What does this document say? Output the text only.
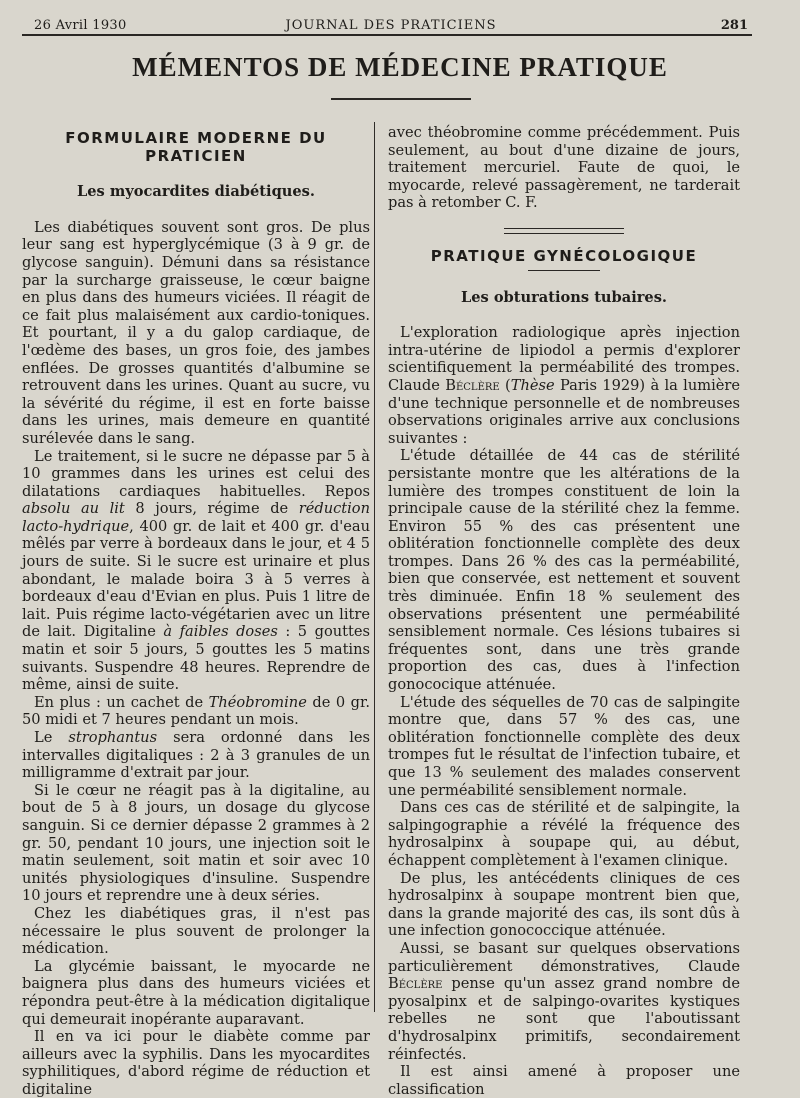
26 Avril 1930	JOURNAL DES PRATICIENS	281
MÉMENTOS DE MÉDECINE PRATIQUE
FORMULAIRE MODERNE DU PRATICIEN
Les myocardites diabétiques.

Les diabétiques souvent sont gros. De plus leur sang est hyperglycémique (3 à 9 gr. de glycose sanguin). Démuni dans sa résistance par la surcharge graisseuse, le cœur baigne en plus dans des humeurs viciées. Il réagit de ce fait plus malaisément aux cardio-toniques. Et pourtant, il y a du galop cardiaque, de l'œdème des bases, un gros foie, des jambes enflées. De grosses quantités d'albumine se retrouvent dans les urines. Quant au sucre, vu la sévérité du régime, il est en forte baisse dans les urines, mais demeure en quantité surélevée dans le sang.

Le traitement, si le sucre ne dépasse par 5 à 10 grammes dans les urines est celui des dilatations cardiaques habituelles. Repos absolu au lit 8 jours, régime de réduction lacto-hydrique, 400 gr. de lait et 400 gr. d'eau mêlés par verre à bordeaux dans le jour, et 4 5 jours de suite. Si le sucre est urinaire et plus abondant, le malade boira 3 à 5 verres à bordeaux d'eau d'Evian en plus. Puis 1 litre de lait. Puis régime lacto-végétarien avec un litre de lait. Digitaline à faibles doses : 5 gouttes matin et soir 5 jours, 5 gouttes les 5 matins suivants. Suspendre 48 heures. Reprendre de même, ainsi de suite.

En plus : un cachet de Théobromine de 0 gr. 50 midi et 7 heures pendant un mois.

Le strophantus sera ordonné dans les intervalles digitaliques : 2 à 3 granules de un milligramme d'extrait par jour.

Si le cœur ne réagit pas à la digitaline, au bout de 5 à 8 jours, un dosage du glycose sanguin. Si ce dernier dépasse 2 grammes à 2 gr. 50, pendant 10 jours, une injection soit le matin seulement, soit matin et soir avec 10 unités physiologiques d'insuline. Suspendre 10 jours et reprendre une à deux séries.

Chez les diabétiques gras, il n'est pas nécessaire le plus souvent de prolonger la médication.

La glycémie baissant, le myocarde ne baignera plus dans des humeurs viciées et répondra peut-être à la médication digitalique qui demeurait inopérante auparavant.

Il en va ici pour le diabète comme par ailleurs avec la syphilis. Dans les myocardites syphilitiques, d'abord régime de réduction et digitaline

avec théobromine comme précédemment. Puis seulement, au bout d'une dizaine de jours, traitement mercuriel. Faute de quoi, le myocarde, relevé passagèrement, ne tarderait pas à retomber C. F.

PRATIQUE GYNÉCOLOGIQUE
Les obturations tubaires.

L'exploration radiologique après injection intra-utérine de lipiodol a permis d'explorer scientifiquement la perméabilité des trompes. Claude Béclère (Thèse Paris 1929) à la lumière d'une technique personnelle et de nombreuses observations originales arrive aux conclusions suivantes :

L'étude détaillée de 44 cas de stérilité persistante montre que les altérations de la lumière des trompes constituent de loin la principale cause de la stérilité chez la femme. Environ 55 % des cas présentent une oblitération fonctionnelle complète des deux trompes. Dans 26 % des cas la perméabilité, bien que conservée, est nettement et souvent très diminuée. Enfin 18 % seulement des observations présentent une perméabilité sensiblement normale. Ces lésions tubaires si fréquentes sont, dans une très grande proportion des cas, dues à l'infection gonococique atténuée.

L'étude des séquelles de 70 cas de salpingite montre que, dans 57 % des cas, une oblitération fonctionnelle complète des deux trompes fut le résultat de l'infection tubaire, et que 13 % seulement des malades conservent une perméabilité sensiblement normale.

Dans ces cas de stérilité et de salpingite, la salpingographie a révélé la fréquence des hydrosalpinx à soupape qui, au début, échappent complètement à l'examen clinique.

De plus, les antécédents cliniques de ces hydrosalpinx à soupape montrent bien que, dans la grande majorité des cas, ils sont dûs à une infection gonococcique atténuée.

Aussi, se basant sur quelques observations particulièrement démonstratives, Claude Béclère pense qu'un assez grand nombre de pyosalpinx et de salpingo-ovarites kystiques rebelles ne sont que l'aboutissant d'hydrosalpinx primitifs, secondairement réinfectés.

Il est ainsi amené à proposer une classification
